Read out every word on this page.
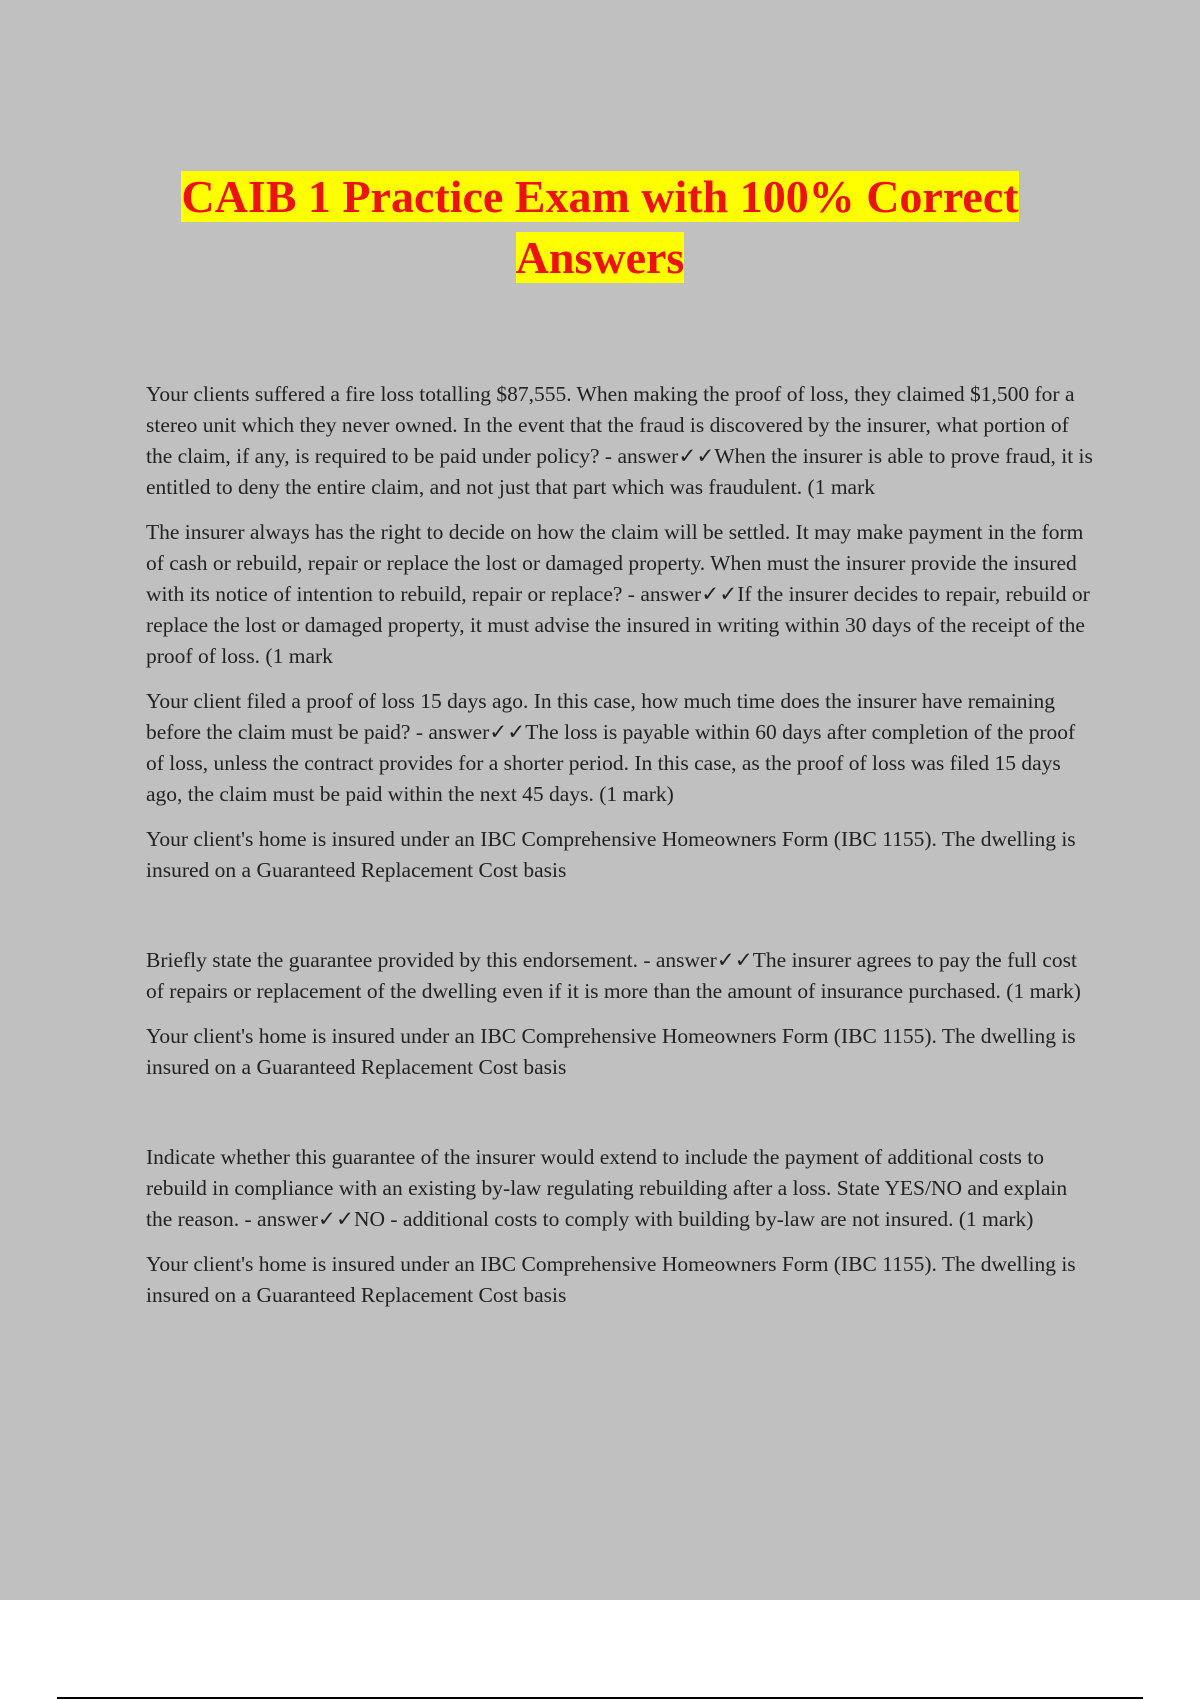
CAIB 1 Practice Exam with 100% Correct
Answers

Your clients suffered a fire loss totalling $87,555. When making the proof of loss, they claimed $1,500 for a stereo unit which they never owned. In the event that the fraud is discovered by the insurer, what portion of the claim, if any, is required to be paid under policy? - answer✓✓When the insurer is able to prove fraud, it is entitled to deny the entire claim, and not just that part which was fraudulent. (1 mark

The insurer always has the right to decide on how the claim will be settled. It may make payment in the form of cash or rebuild, repair or replace the lost or damaged property. When must the insurer provide the insured with its notice of intention to rebuild, repair or replace? - answer✓✓If the insurer decides to repair, rebuild or replace the lost or damaged property, it must advise the insured in writing within 30 days of the receipt of the proof of loss. (1 mark

Your client filed a proof of loss 15 days ago. In this case, how much time does the insurer have remaining before the claim must be paid? - answer✓✓The loss is payable within 60 days after completion of the proof of loss, unless the contract provides for a shorter period. In this case, as the proof of loss was filed 15 days ago, the claim must be paid within the next 45 days. (1 mark)

Your client's home is insured under an IBC Comprehensive Homeowners Form (IBC 1155). The dwelling is insured on a Guaranteed Replacement Cost basis

Briefly state the guarantee provided by this endorsement. - answer✓✓The insurer agrees to pay the full cost of repairs or replacement of the dwelling even if it is more than the amount of insurance purchased. (1 mark)

Your client's home is insured under an IBC Comprehensive Homeowners Form (IBC 1155). The dwelling is insured on a Guaranteed Replacement Cost basis

Indicate whether this guarantee of the insurer would extend to include the payment of additional costs to rebuild in compliance with an existing by-law regulating rebuilding after a loss. State YES/NO and explain the reason. - answer✓✓NO - additional costs to comply with building by-law are not insured. (1 mark)

Your client's home is insured under an IBC Comprehensive Homeowners Form (IBC 1155). The dwelling is insured on a Guaranteed Replacement Cost basis
